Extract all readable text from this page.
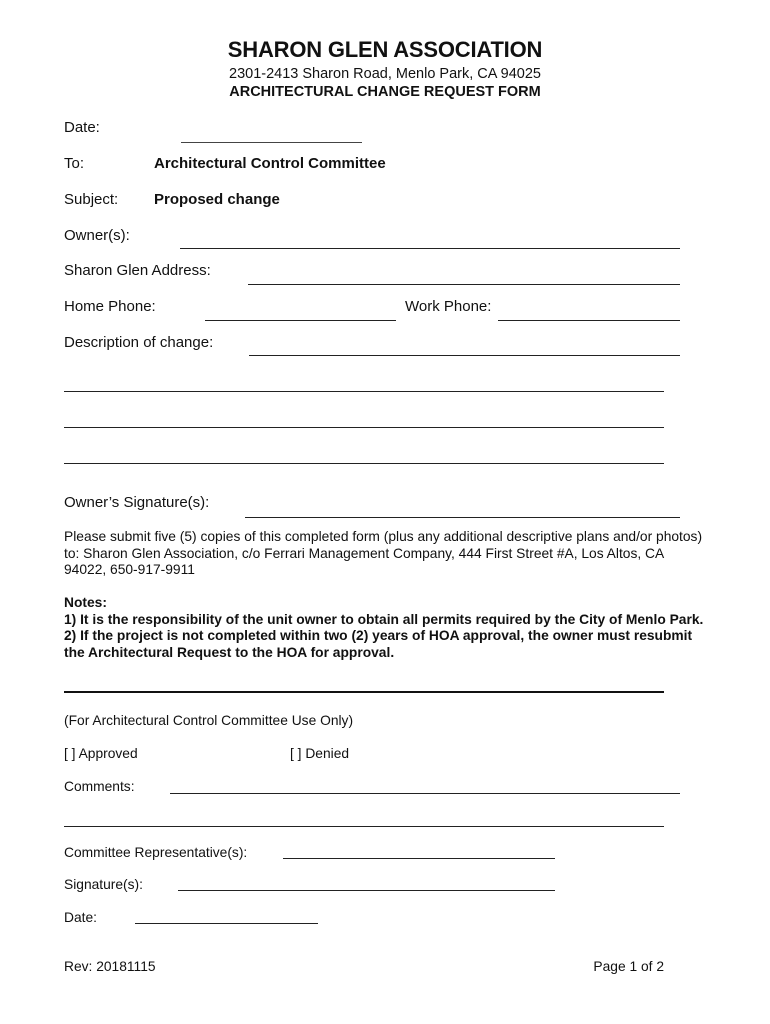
SHARON GLEN ASSOCIATION
2301-2413 Sharon Road, Menlo Park, CA 94025
ARCHITECTURAL CHANGE REQUEST FORM
Date:
To:	Architectural Control Committee
Subject: Proposed change
Owner(s):
Sharon Glen Address:
Home Phone:	Work Phone:
Description of change:
Owner’s Signature(s):
Please submit five (5) copies of this completed form (plus any additional descriptive plans and/or photos)
to: Sharon Glen Association, c/o Ferrari Management Company, 444 First Street #A, Los Altos, CA
94022, 650-917-9911
Notes:
1) It is the responsibility of the unit owner to obtain all permits required by the City of Menlo Park.
2) If the project is not completed within two (2) years of HOA approval, the owner must resubmit
the Architectural Request to the HOA for approval.
(For Architectural Control Committee Use Only)
[ ] Approved	[ ] Denied
Comments:
Committee Representative(s):
Signature(s):
Date:
Rev: 20181115	Page 1 of 2
